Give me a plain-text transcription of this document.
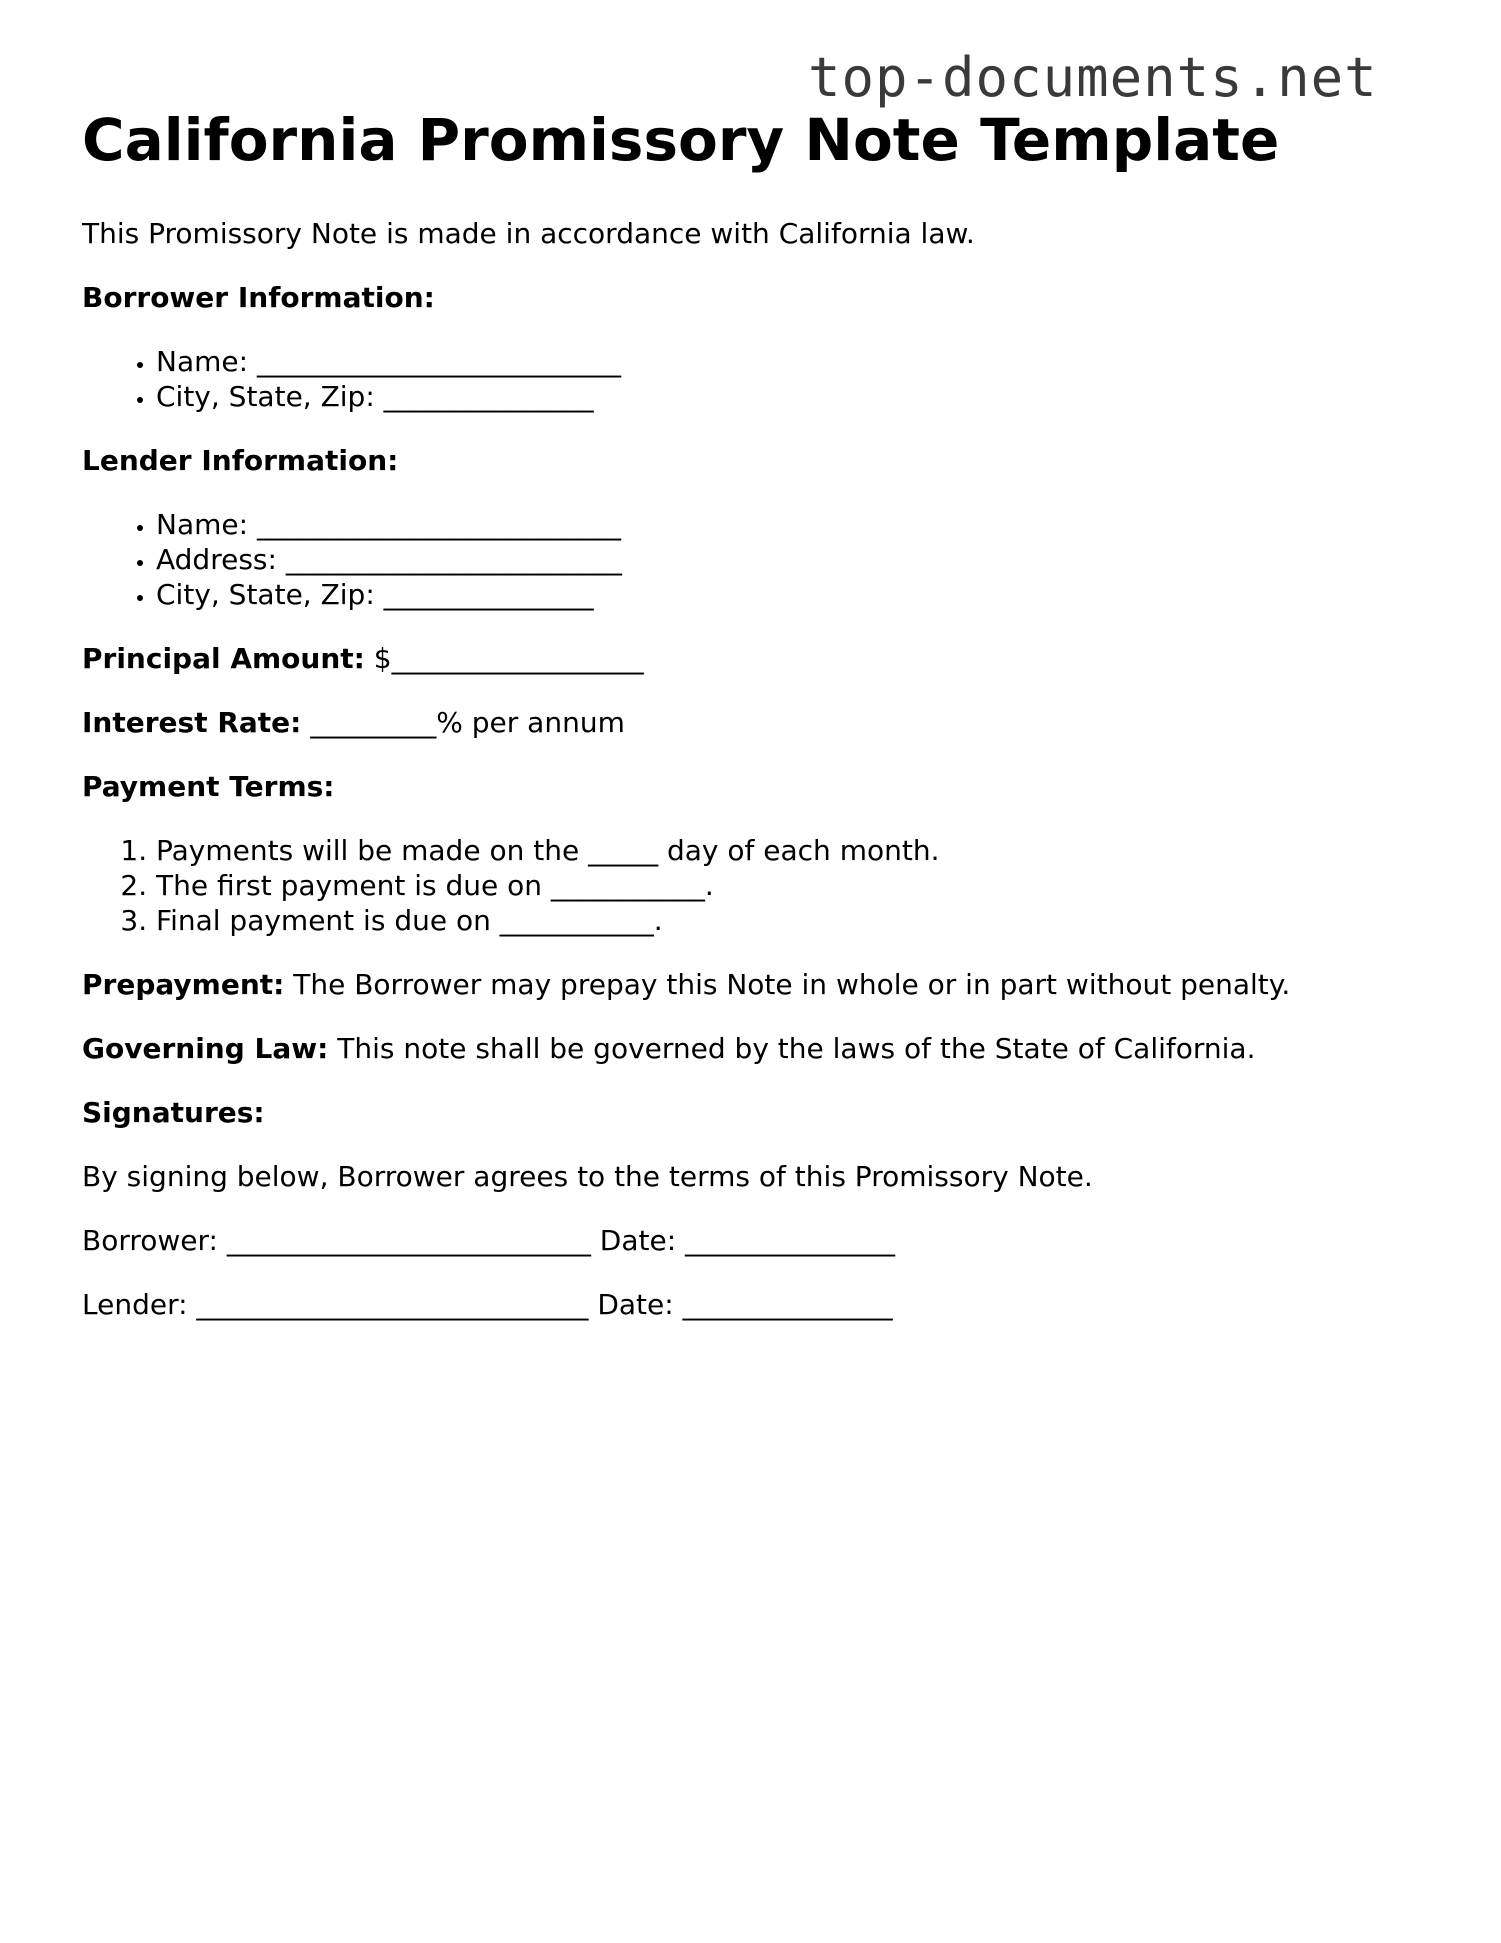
top-documents.net
California Promissory Note Template

This Promissory Note is made in accordance with California law.

Borrower Information:

• Name: __________________________
• City, State, Zip: _______________

Lender Information:

• Name: __________________________
• Address: ________________________
• City, State, Zip: _______________

Principal Amount: $__________________

Interest Rate: _________% per annum

Payment Terms:

1. Payments will be made on the _____ day of each month.
2. The first payment is due on ___________.
3. Final payment is due on ___________.

Prepayment: The Borrower may prepay this Note in whole or in part without penalty.

Governing Law: This note shall be governed by the laws of the State of California.

Signatures:

By signing below, Borrower agrees to the terms of this Promissory Note.

Borrower: __________________________ Date: _______________

Lender: ____________________________ Date: _______________
